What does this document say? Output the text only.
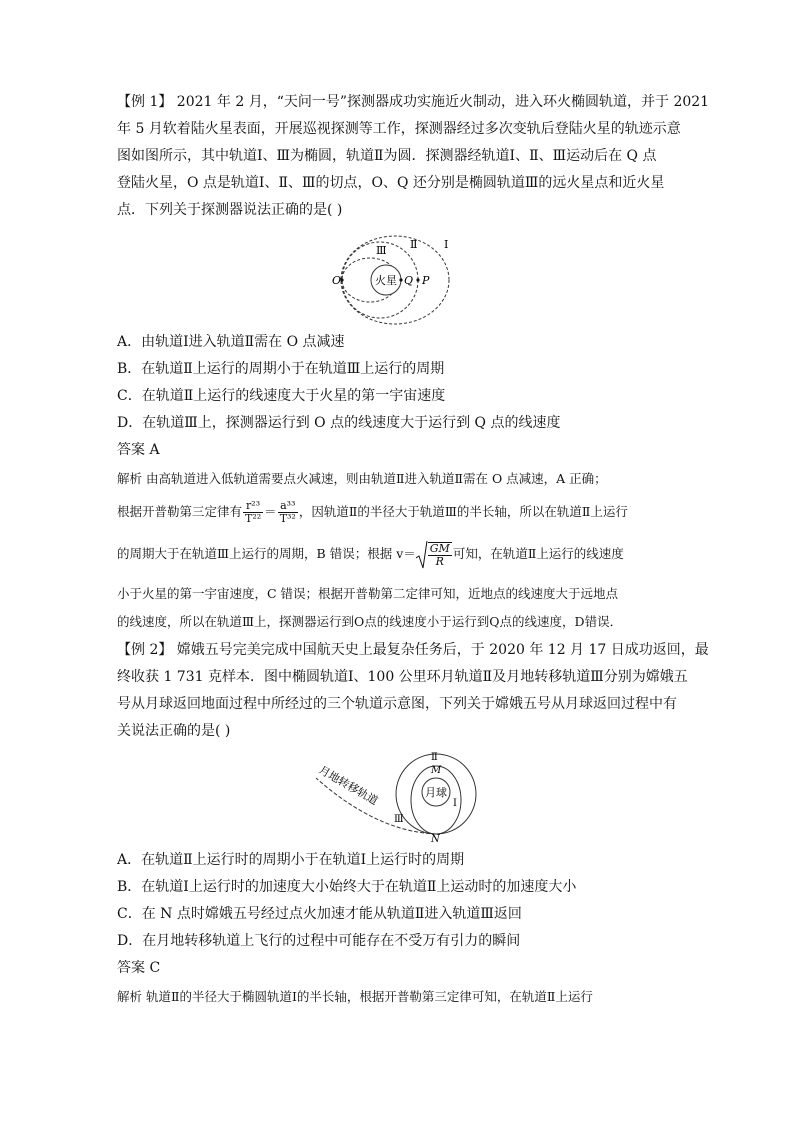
【例 1】 2021 年 2 月，“天问一号”探测器成功实施近火制动，进入环火椭圆轨道，并于 2021
年 5 月软着陆火星表面，开展巡视探测等工作，探测器经过多次变轨后登陆火星的轨迹示意
图如图所示，其中轨道Ⅰ、Ⅲ为椭圆，轨道Ⅱ为圆．探测器经轨道Ⅰ、Ⅱ、Ⅲ运动后在 Q 点
登陆火星，O 点是轨道Ⅰ、Ⅱ、Ⅲ的切点，O、Q 还分别是椭圆轨道Ⅲ的远火星点和近火星
点．下列关于探测器说法正确的是( )
火星
O	Q P
Ⅲ Ⅱ Ⅰ
A．由轨道Ⅰ进入轨道Ⅱ需在 O 点减速
B．在轨道Ⅱ上运行的周期小于在轨道Ⅲ上运行的周期
C．在轨道Ⅱ上运行的线速度大于火星的第一宇宙速度
D．在轨道Ⅲ上，探测器运行到 O 点的线速度大于运行到 Q 点的线速度
答案 A
解析 由高轨道进入低轨道需要点火减速，则由轨道Ⅱ进入轨道Ⅱ需在 O 点减速，A 正确；
根据开普勒第三定律有 $\frac{\text{r²³}}{\text{T²²}} = \frac{\text{a³³}}{\text{T³²}}$ ，因轨道Ⅱ的半径大于轨道Ⅲ的半长轴，所以在轨道Ⅱ上运行
的周期大于在轨道Ⅲ上运行的周期，B 错误；根据 $v= \frac{GM}{R}$ 可知，在轨道Ⅱ上运行的线速度
小于火星的第一宇宙速度，C 错误；根据开普勒第二定律可知，近地点的线速度大于远地点
的线速度，所以在轨道Ⅲ上，探测器运行到O点的线速度小于运行到Q点的线速度，D错误．
【例 2】 嫦娥五号完美完成中国航天史上最复杂任务后，于 2020 年 12 月 17 日成功返回，最
终收获 1 731 克样本．图中椭圆轨道Ⅰ、100 公里环月轨道Ⅱ及月地转移轨道Ⅲ分别为嫦娥五
号从月球返回地面过程中所经过的三个轨道示意图，下列关于嫦娥五号从月球返回过程中有
关说法正确的是( )
月球
月地转移轨道
Ⅱ
M
Ⅰ
Ⅲ
N
A．在轨道Ⅱ上运行时的周期小于在轨道Ⅰ上运行时的周期
B．在轨道Ⅰ上运行时的加速度大小始终大于在轨道Ⅱ上运动时的加速度大小
C．在 N 点时嫦娥五号经过点火加速才能从轨道Ⅱ进入轨道Ⅲ返回
D．在月地转移轨道上飞行的过程中可能存在不受万有引力的瞬间
答案 C
解析 轨道Ⅱ的半径大于椭圆轨道Ⅰ的半长轴，根据开普勒第三定律可知，在轨道Ⅱ上运行
